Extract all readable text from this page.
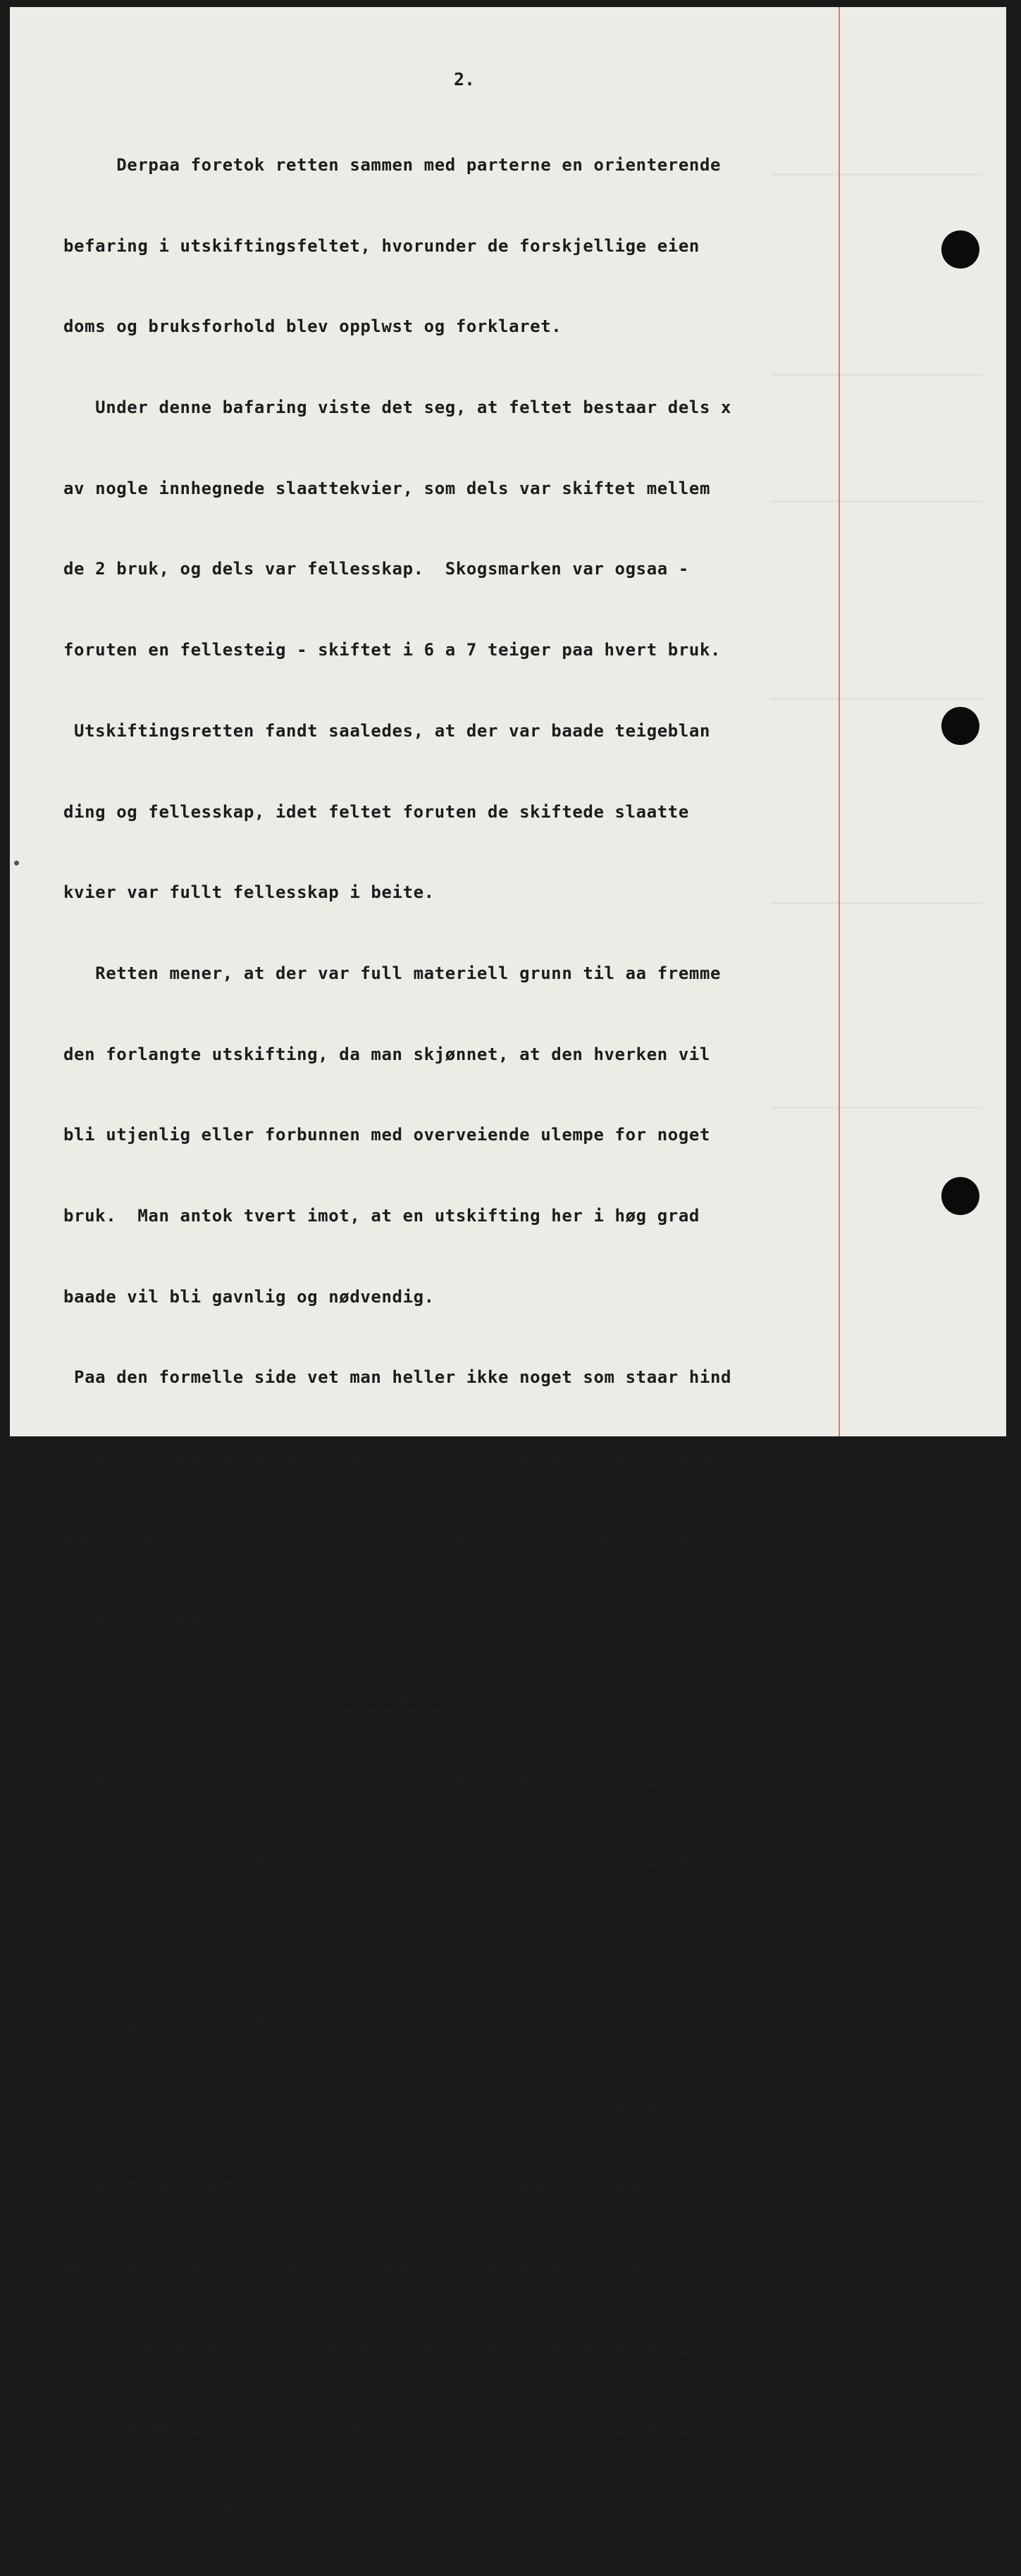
2.

Derpaa foretok retten sammen med parterne en orienterende

befaring i utskiftingsfeltet, hvorunder de forskjellige eien

doms og bruksforhold blev opplwst og forklaret.

Under denne bafaring viste det seg, at feltet bestaar dels x

av nogle innhegnede slaattekvier, som dels var skiftet mellem

de 2 bruk, og dels var fellesskap.  Skogsmarken var ogsaa -

foruten en fellesteig - skiftet i 6 a 7 teiger paa hvert bruk.

Utskiftingsretten fandt saaledes, at der var baade teigeblan

ding og fellesskap, idet feltet foruten de skiftede slaatte

kvier var fullt fellesskap i beite.

Retten mener, at der var full materiell grunn til aa fremme

den forlangte utskifting, da man skjønnet, at den hverken vil

bli utjenlig eller forbunnen med overveiende ulempe for noget

bruk.  Man antok tvert imot, at en utskifting her i høg grad

baade vil bli gavnlig og nødvendig.

Paa den formelle side vet man heller ikke noget som staar hind

rende i vegen for utskiftingens fremme, og da der ikke fremkom

nogen innsigelse eller protest imot, avsa utskiftingsretten

enstemmig det

S K J Ø N N

" Den forlangte utskifting over Stennes  nedeutmark  blir aa

fremme i den utstrekning som utskiftingsretten senere vil be

stemme."

Videre besluttedes aa oppta kart over feltet, og kartet detal

jeres som almindelig.  Kartgrensen mot swd blir til grensen mot

Sørheim og Eidem, som for det meste er betegnet med oppført gjer

de.  Mot nord til skogbwttet innenfor  Lofturen, mot aust dels

til sjøen og dels til de nevnte slaattekvier og mot vest til

grensen mot Lid og Ytrestennes. Disse grenser vil bli paaviste

ved karleggingen.
